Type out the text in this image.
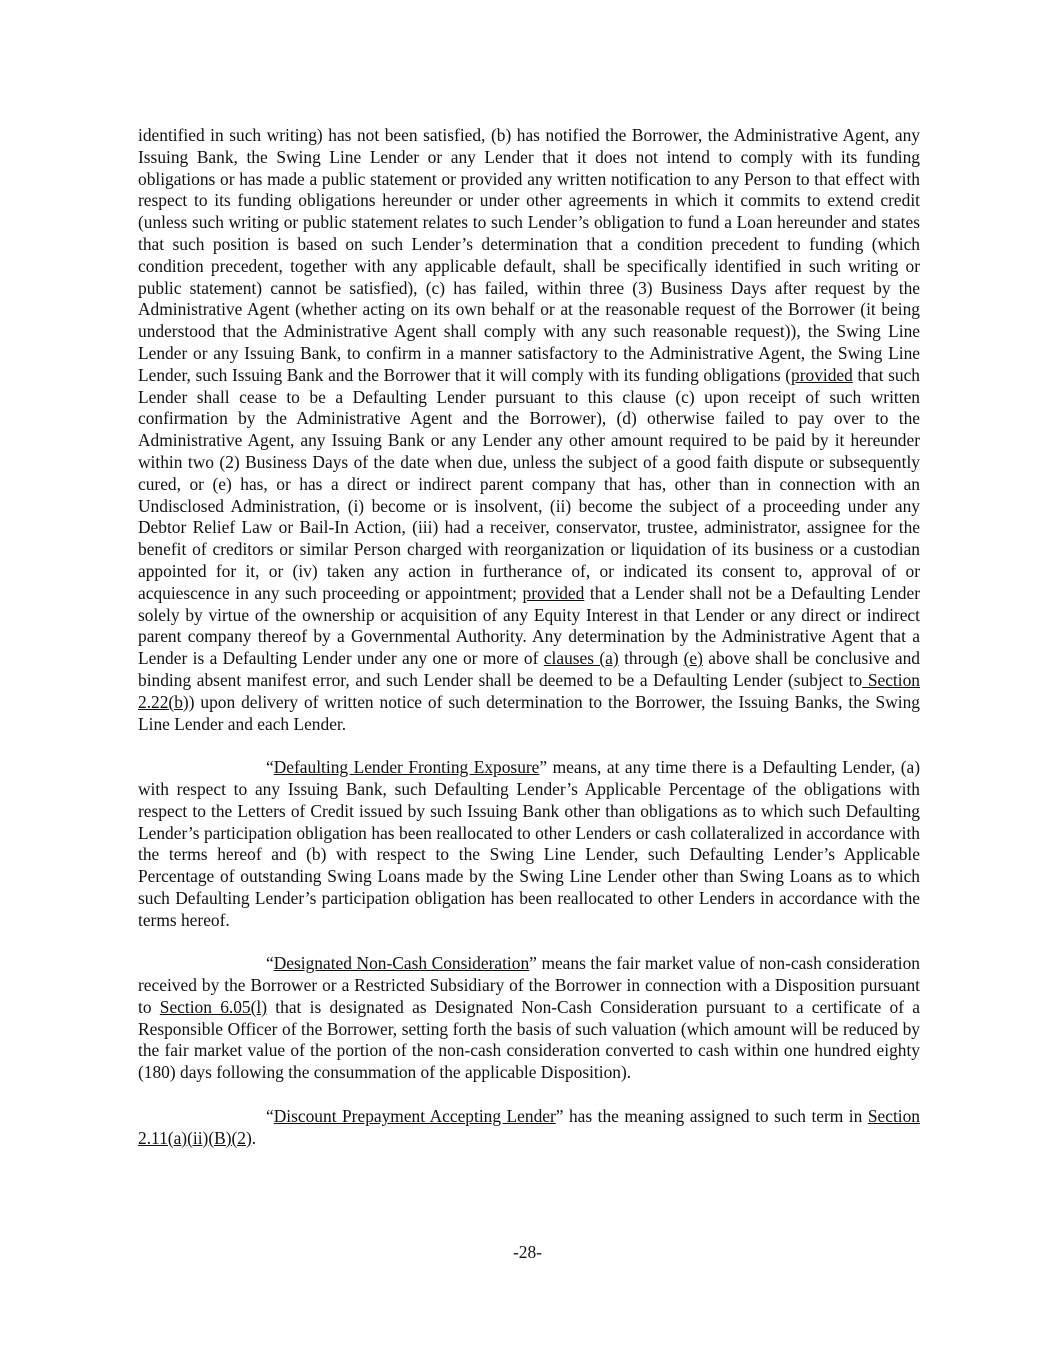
identified in such writing) has not been satisfied, (b) has notified the Borrower, the Administrative Agent, any Issuing Bank, the Swing Line Lender or any Lender that it does not intend to comply with its funding obligations or has made a public statement or provided any written notification to any Person to that effect with respect to its funding obligations hereunder or under other agreements in which it commits to extend credit (unless such writing or public statement relates to such Lender’s obligation to fund a Loan hereunder and states that such position is based on such Lender’s determination that a condition precedent to funding (which condition precedent, together with any applicable default, shall be specifically identified in such writing or public statement) cannot be satisfied), (c) has failed, within three (3) Business Days after request by the Administrative Agent (whether acting on its own behalf or at the reasonable request of the Borrower (it being understood that the Administrative Agent shall comply with any such reasonable request)), the Swing Line Lender or any Issuing Bank, to confirm in a manner satisfactory to the Administrative Agent, the Swing Line Lender, such Issuing Bank and the Borrower that it will comply with its funding obligations (provided that such Lender shall cease to be a Defaulting Lender pursuant to this clause (c) upon receipt of such written confirmation by the Administrative Agent and the Borrower), (d) otherwise failed to pay over to the Administrative Agent, any Issuing Bank or any Lender any other amount required to be paid by it hereunder within two (2) Business Days of the date when due, unless the subject of a good faith dispute or subsequently cured, or (e) has, or has a direct or indirect parent company that has, other than in connection with an Undisclosed Administration, (i) become or is insolvent, (ii) become the subject of a proceeding under any Debtor Relief Law or Bail-In Action, (iii) had a receiver, conservator, trustee, administrator, assignee for the benefit of creditors or similar Person charged with reorganization or liquidation of its business or a custodian appointed for it, or (iv) taken any action in furtherance of, or indicated its consent to, approval of or acquiescence in any such proceeding or appointment; provided that a Lender shall not be a Defaulting Lender solely by virtue of the ownership or acquisition of any Equity Interest in that Lender or any direct or indirect parent company thereof by a Governmental Authority. Any determination by the Administrative Agent that a Lender is a Defaulting Lender under any one or more of clauses (a) through (e) above shall be conclusive and binding absent manifest error, and such Lender shall be deemed to be a Defaulting Lender (subject to Section 2.22(b)) upon delivery of written notice of such determination to the Borrower, the Issuing Banks, the Swing Line Lender and each Lender.

“Defaulting Lender Fronting Exposure” means, at any time there is a Defaulting Lender, (a) with respect to any Issuing Bank, such Defaulting Lender’s Applicable Percentage of the obligations with respect to the Letters of Credit issued by such Issuing Bank other than obligations as to which such Defaulting Lender’s participation obligation has been reallocated to other Lenders or cash collateralized in accordance with the terms hereof and (b) with respect to the Swing Line Lender, such Defaulting Lender’s Applicable Percentage of outstanding Swing Loans made by the Swing Line Lender other than Swing Loans as to which such Defaulting Lender’s participation obligation has been reallocated to other Lenders in accordance with the terms hereof.

“Designated Non-Cash Consideration” means the fair market value of non-cash consideration received by the Borrower or a Restricted Subsidiary of the Borrower in connection with a Disposition pursuant to Section 6.05(l) that is designated as Designated Non-Cash Consideration pursuant to a certificate of a Responsible Officer of the Borrower, setting forth the basis of such valuation (which amount will be reduced by the fair market value of the portion of the non-cash consideration converted to cash within one hundred eighty (180) days following the consummation of the applicable Disposition).

“Discount Prepayment Accepting Lender” has the meaning assigned to such term in Section 2.11(a)(ii)(B)(2).

-28-
